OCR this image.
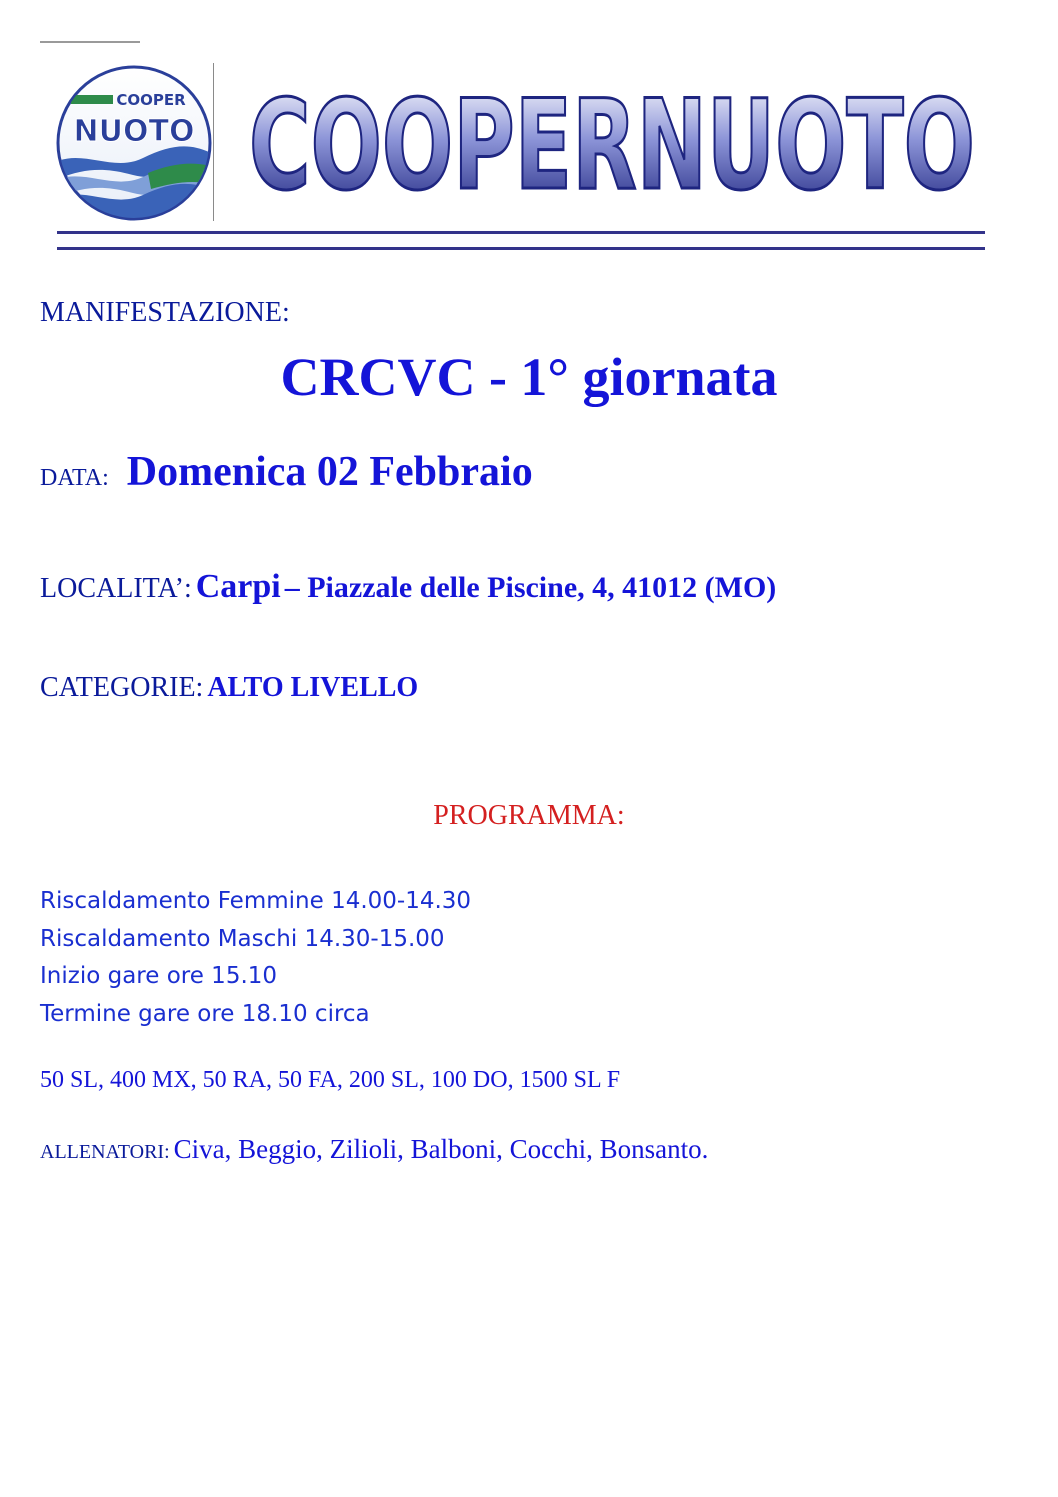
COOPER
NUOTO COOPERNUOTO
MANIFESTAZIONE:
CRCVC - 1° giornata
DATA: Domenica 02 Febbraio
LOCALITA’: Carpi – Piazzale delle Piscine, 4, 41012 (MO)
CATEGORIE: ALTO LIVELLO
PROGRAMMA:
Riscaldamento Femmine 14.00-14.30
Riscaldamento Maschi 14.30-15.00
Inizio gare ore 15.10
Termine gare ore 18.10 circa
50 SL, 400 MX, 50 RA, 50 FA, 200 SL, 100 DO, 1500 SL F
ALLENATORI: Civa, Beggio, Zilioli, Balboni, Cocchi, Bonsanto.
